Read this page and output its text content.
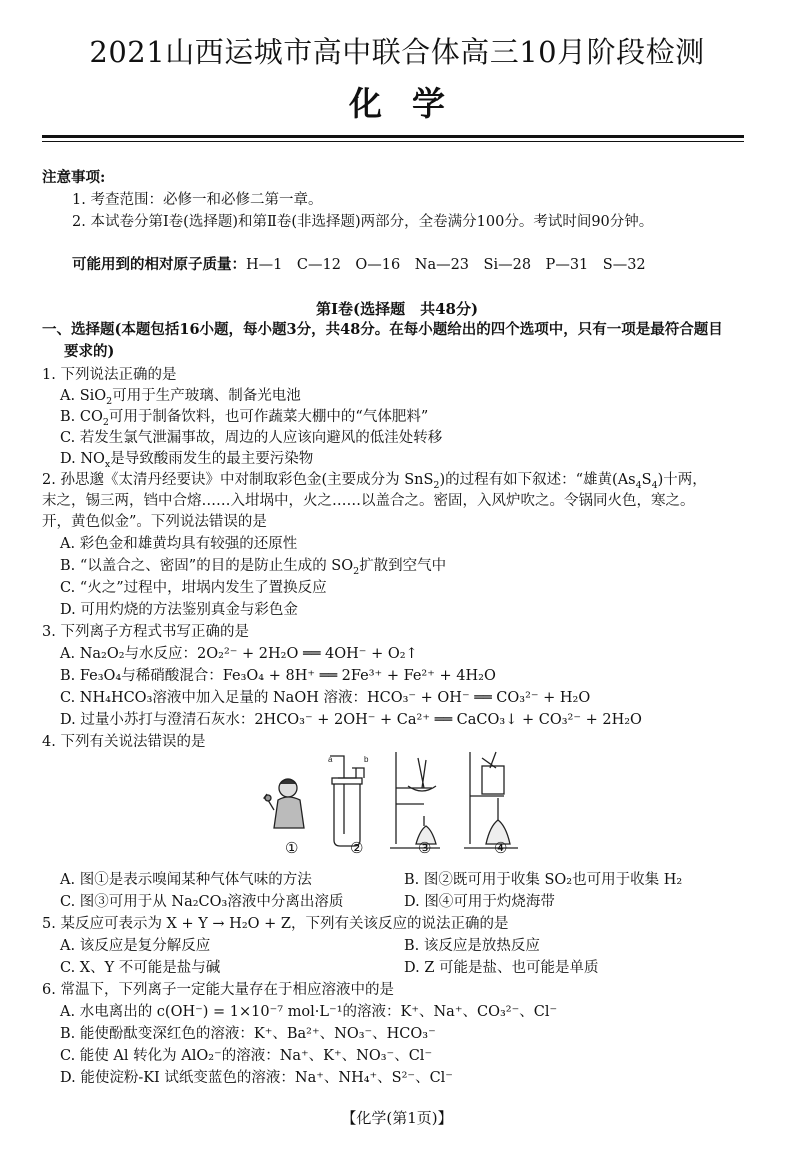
2021山西运城市高中联合体高三10月阶段检测
化学
注意事项:
1. 考查范围：必修一和必修二第一章。
2. 本试卷分第Ⅰ卷(选择题)和第Ⅱ卷(非选择题)两部分，全卷满分100分。考试时间90分钟。
可能用到的相对原子质量：H—1　C—12　O—16　Na—23　Si—28　P—31　S—32
第Ⅰ卷(选择题　共48分)
一、选择题(本题包括16小题，每小题3分，共48分。在每小题给出的四个选项中，只有一项是最符合题目
要求的)
1. 下列说法正确的是
A. SiO$_2$可用于生产玻璃、制备光电池
B. $CO_2$可用于制备饮料，也可作蔬菜大棚中的“气体肥料”
C. 若发生氯气泄漏事故，周边的人应该向避风的低洼处转移
D. $NO_x$是导致酸雨发生的最主要污染物
2. 孙思邈《太清丹经要诀》中对制取彩色金(主要成分为 SnS$_2$)的过程有如下叙述：“雄黄$(As_4S_4)$十两，
末之，锡三两，铛中合熔……入坩埚中，火之……以盖合之。密固，入风炉吹之。令锅同火色，寒之。
开，黄色似金”。下列说法错误的是
A. 彩色金和雄黄均具有较强的还原性
B. “以盖合之、密固”的目的是防止生成的 $SO_2$扩散到空气中
C. “火之”过程中，坩埚内发生了置换反应
D. 可用灼烧的方法鉴别真金与彩色金
3. 下列离子方程式书写正确的是
A. Na₂O₂与水反应：2O₂²⁻ + 2H₂O ══ 4OH⁻ + O₂↑
B. Fe₃O₄与稀硝酸混合：Fe₃O₄ + 8H⁺ ══ 2Fe³⁺ + Fe²⁺ + 4H₂O
C. NH₄HCO₃溶液中加入足量的 NaOH 溶液：HCO₃⁻ + OH⁻ ══ CO₃²⁻ + H₂O
D. 过量小苏打与澄清石灰水：2HCO₃⁻ + 2OH⁻ + Ca²⁺ ══ CaCO₃↓ + CO₃²⁻ + 2H₂O
4. 下列有关说法错误的是
a	b
①	②	③	④
A. 图①是表示嗅闻某种气体气味的方法	B. 图②既可用于收集 SO₂也可用于收集 H₂
C. 图③可用于从 Na₂CO₃溶液中分离出溶质	D. 图④可用于灼烧海带
5. 某反应可表示为 X + Y → H₂O + Z，下列有关该反应的说法正确的是
A. 该反应是复分解反应	B. 该反应是放热反应
C. X、Y 不可能是盐与碱	D. Z 可能是盐、也可能是单质
6. 常温下，下列离子一定能大量存在于相应溶液中的是
A. 水电离出的 c(OH⁻) = 1×10⁻⁷ mol·L⁻¹的溶液：K⁺、Na⁺、CO₃²⁻、Cl⁻
B. 能使酚酞变深红色的溶液：K⁺、Ba²⁺、NO₃⁻、HCO₃⁻
C. 能使 Al 转化为 AlO₂⁻的溶液：Na⁺、K⁺、NO₃⁻、Cl⁻
D. 能使淀粉-KI 试纸变蓝色的溶液：Na⁺、NH₄⁺、S²⁻、Cl⁻
【化学(第1页)】
